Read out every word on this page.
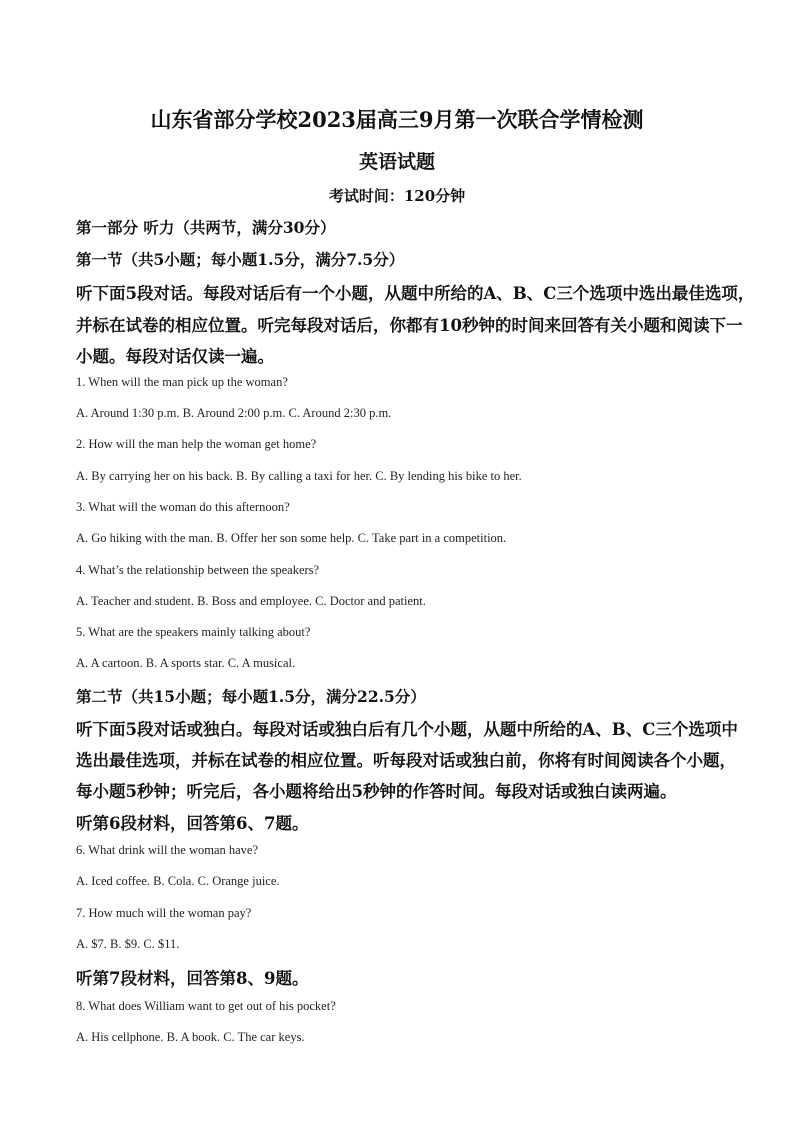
山东省部分学校2023届高三9月第一次联合学情检测
英语试题
考试时间：120分钟
第一部分 听力（共两节，满分30分）
第一节（共5小题；每小题1.5分，满分7.5分）
听下面5段对话。每段对话后有一个小题，从题中所给的A、B、C三个选项中选出最佳选项，
并标在试卷的相应位置。听完每段对话后，你都有10秒钟的时间来回答有关小题和阅读下一
小题。每段对话仅读一遍。
1. When will the man pick up the woman?
A. Around 1:30 p.m. B. Around 2:00 p.m. C. Around 2:30 p.m.
2. How will the man help the woman get home?
A. By carrying her on his back. B. By calling a taxi for her. C. By lending his bike to her.
3. What will the woman do this afternoon?
A. Go hiking with the man. B. Offer her son some help. C. Take part in a competition.
4. What’s the relationship between the speakers?
A. Teacher and student. B. Boss and employee. C. Doctor and patient.
5. What are the speakers mainly talking about?
A. A cartoon. B. A sports star. C. A musical.
第二节（共15小题；每小题1.5分，满分22.5分）
听下面5段对话或独白。每段对话或独白后有几个小题，从题中所给的A、B、C三个选项中
选出最佳选项，并标在试卷的相应位置。听每段对话或独白前，你将有时间阅读各个小题，
每小题5秒钟；听完后，各小题将给出5秒钟的作答时间。每段对话或独白读两遍。
听第6段材料，回答第6、7题。
6. What drink will the woman have?
A. Iced coffee. B. Cola. C. Orange juice.
7. How much will the woman pay?
A. $7. B. $9. C. $11.
听第7段材料，回答第8、9题。
8. What does William want to get out of his pocket?
A. His cellphone. B. A book. C. The car keys.
